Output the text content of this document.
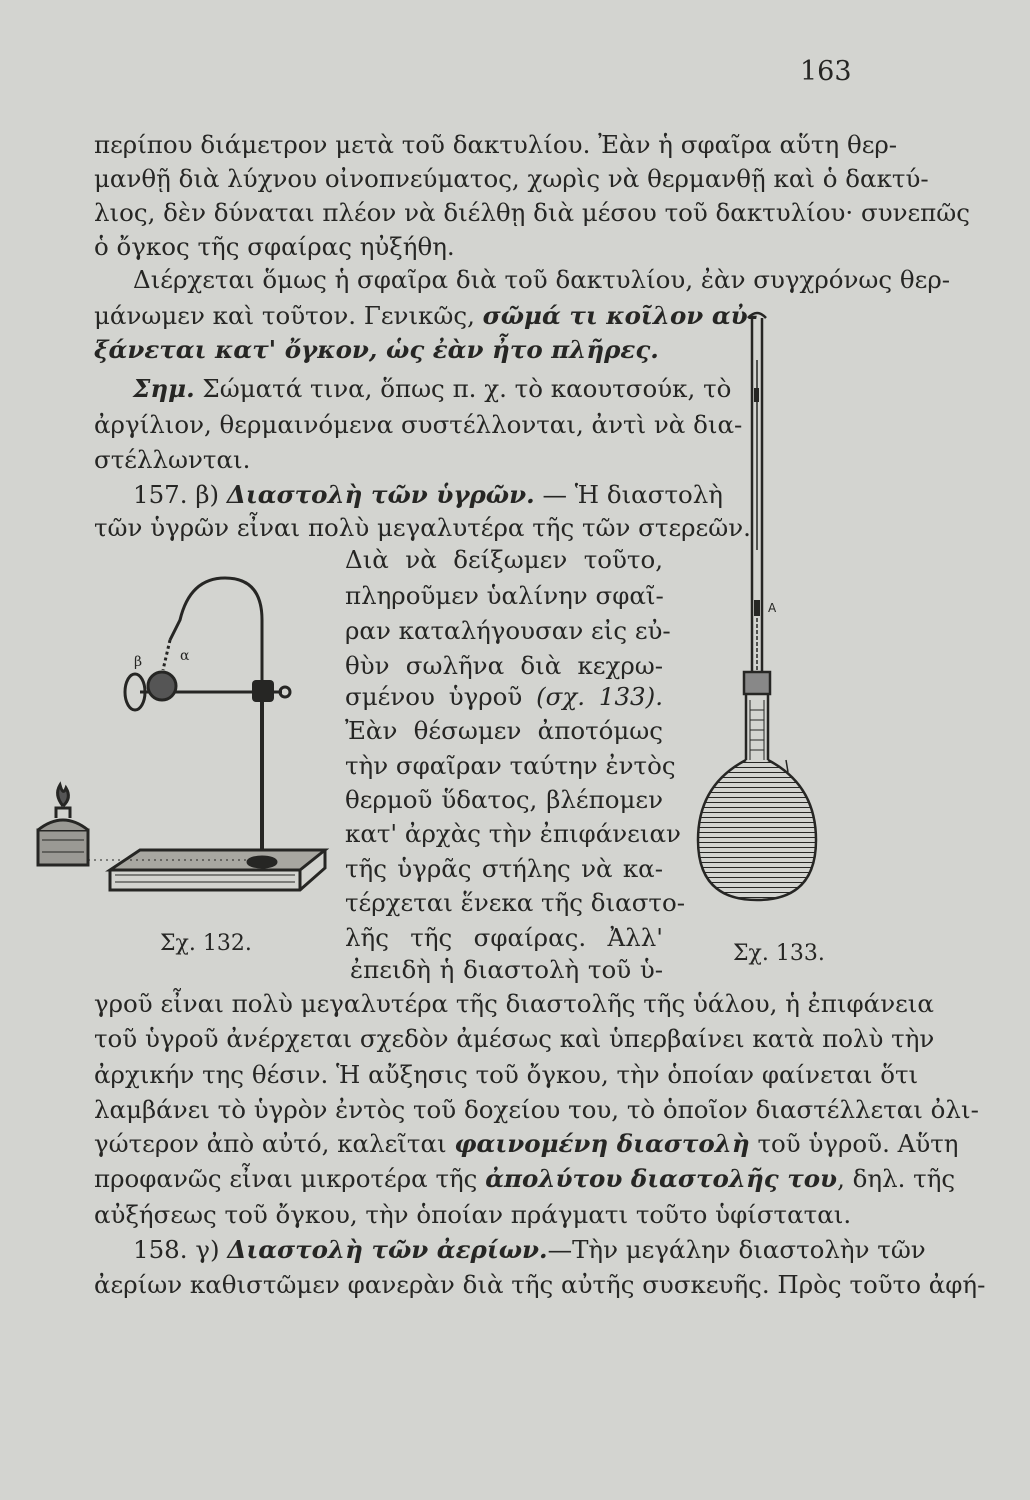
163
περίπου διάμετρον μετὰ τοῦ δακτυλίου. Ἐὰν ἡ σφαῖρα αὕτη θερ-
μανθῇ διὰ λύχνου οἰνοπνεύματος, χωρὶς νὰ θερμανθῇ καὶ ὁ δακτύ-
λιος, δὲν δύναται πλέον νὰ διέλθῃ διὰ μέσου τοῦ δακτυλίου· συνεπῶς
ὁ ὄγκος τῆς σφαίρας ηὐξήθη.
Διέρχεται ὅμως ἡ σφαῖρα διὰ τοῦ δακτυλίου, ἐὰν συγχρόνως θερ-
μάνωμεν καὶ τοῦτον. Γενικῶς, σῶμά τι κοῖλον αὐ-
ξάνεται κατ' ὄγκον, ὡς ἐὰν ἦτο πλῆρες.
Σημ. Σώματά τινα, ὅπως π. χ. τὸ καουτσούκ, τὸ
ἀργίλιον, θερμαινόμενα συστέλλονται, ἀντὶ νὰ δια-
στέλλωνται.
157. β) Διαστολὴ τῶν ὑγρῶν. — Ἡ διαστολὴ
τῶν ὑγρῶν εἶναι πολὺ μεγαλυτέρα τῆς τῶν στερεῶν.
Διὰ νὰ δείξωμεν τοῦτο,
πληροῦμεν ὑαλίνην σφαῖ-
ραν καταλήγουσαν εἰς εὐ-
θὺν σωλῆνα διὰ κεχρω-
σμένου ὑγροῦ (σχ. 133).
Ἐὰν θέσωμεν ἀποτόμως
τὴν σφαῖραν ταύτην ἐντὸς
θερμοῦ ὕδατος, βλέπομεν
κατ' ἀρχὰς τὴν ἐπιφάνειαν
τῆς ὑγρᾶς στήλης νὰ κα-
τέρχεται ἕνεκα τῆς διαστο-
λῆς τῆς σφαίρας. Ἀλλ'
ἐπειδὴ ἡ διαστολὴ τοῦ ὑ-
γροῦ εἶναι πολὺ μεγαλυτέρα τῆς διαστολῆς τῆς ὑάλου, ἡ ἐπιφάνεια
τοῦ ὑγροῦ ἀνέρχεται σχεδὸν ἀμέσως καὶ ὑπερβαίνει κατὰ πολὺ τὴν
ἀρχικήν της θέσιν. Ἡ αὔξησις τοῦ ὄγκου, τὴν ὁποίαν φαίνεται ὅτι
λαμβάνει τὸ ὑγρὸν ἐντὸς τοῦ δοχείου του, τὸ ὁποῖον διαστέλλεται ὀλι-
γώτερον ἀπὸ αὐτό, καλεῖται φαινομένη διαστολὴ τοῦ ὑγροῦ. Αὕτη
προφανῶς εἶναι μικροτέρα τῆς ἀπολύτου διαστολῆς του, δηλ. τῆς
αὐξήσεως τοῦ ὄγκου, τὴν ὁποίαν πράγματι τοῦτο ὑφίσταται.
158. γ) Διαστολὴ τῶν ἀερίων.—Τὴν μεγάλην διαστολὴν τῶν
ἀερίων καθιστῶμεν φανερὰν διὰ τῆς αὐτῆς συσκευῆς. Πρὸς τοῦτο ἀφή-
β	α
Σχ. 132.
Α
Σχ. 133.
